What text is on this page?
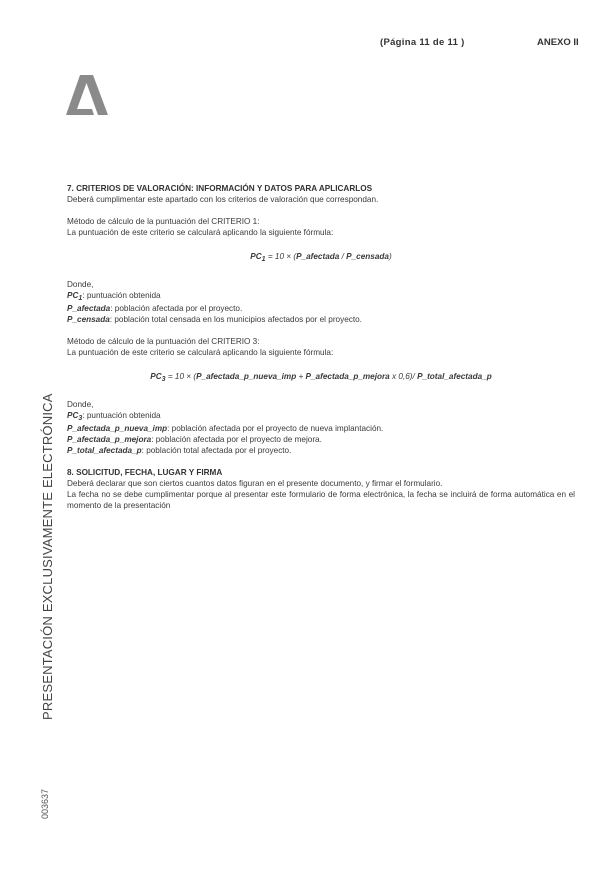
(Página 11 de 11 )	ANEXO II
PRESENTACIÓN EXCLUSIVAMENTE ELECTRÓNICA
003637

7. CRITERIOS DE VALORACIÓN: INFORMACIÓN Y DATOS PARA APLICARLOS

Deberá cumplimentar este apartado con los criterios de valoración que correspondan.

Método de cálculo de la puntuación del CRITERIO 1:

La puntuación de este criterio se calculará aplicando la siguiente fórmula:

$PC_1 = 10$ × (P_afectada / P_censada)

Donde,

$PC_1$: puntuación obtenida

P_afectada: población afectada por el proyecto.

P_censada: población total censada en los municipios afectados por el proyecto.

Método de cálculo de la puntuación del CRITERIO 3:

La puntuación de este criterio se calculará aplicando la siguiente fórmula:

$PC_3 = 10$ × (P_afectada_p_nueva_imp + P_afectada_p_mejora x 0,6)/ P_total_afectada_p

Donde,

$PC_3$: puntuación obtenida

P_afectada_p_nueva_imp: población afectada por el proyecto de nueva implantación.

P_afectada_p_mejora: población afectada por el proyecto de mejora.

P_total_afectada_p: población total afectada por el proyecto.

8. SOLICITUD, FECHA, LUGAR Y FIRMA

Deberá declarar que son ciertos cuantos datos figuran en el presente documento, y firmar el formulario.

La fecha no se debe cumplimentar porque al presentar este formulario de forma electrónica, la fecha se incluirá de forma automática en el momento de la presentación
